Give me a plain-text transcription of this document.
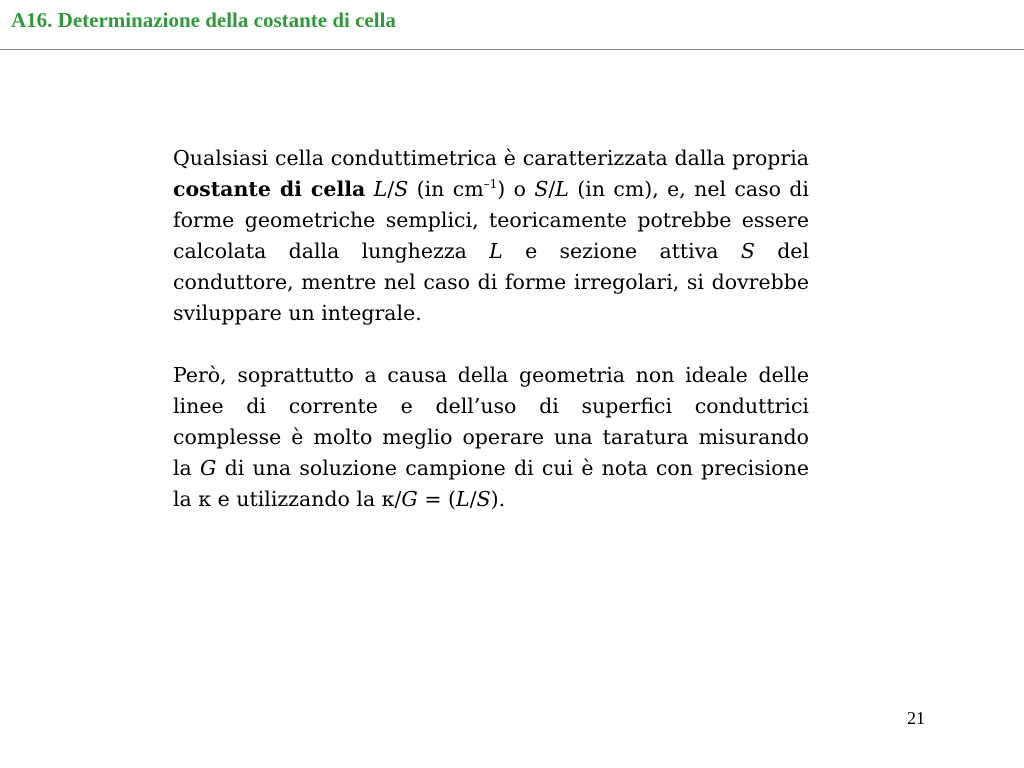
A16. Determinazione della costante di cella

Qualsiasi cella conduttimetrica è caratterizzata dalla propria costante di cella L/S (in $cm^{-1}$) o S/L (in cm), e, nel caso di forme geometriche semplici, teoricamente potrebbe essere calcolata dalla lunghezza L e sezione attiva S del conduttore, mentre nel caso di forme irregolari, si dovrebbe sviluppare un integrale.

Però, soprattutto a causa della geometria non ideale delle linee di corrente e dell’uso di superfici conduttrici complesse è molto meglio operare una taratura misurando la G di una soluzione campione di cui è nota con precisione la κ e utilizzando la κ/G = (L/S).

21
